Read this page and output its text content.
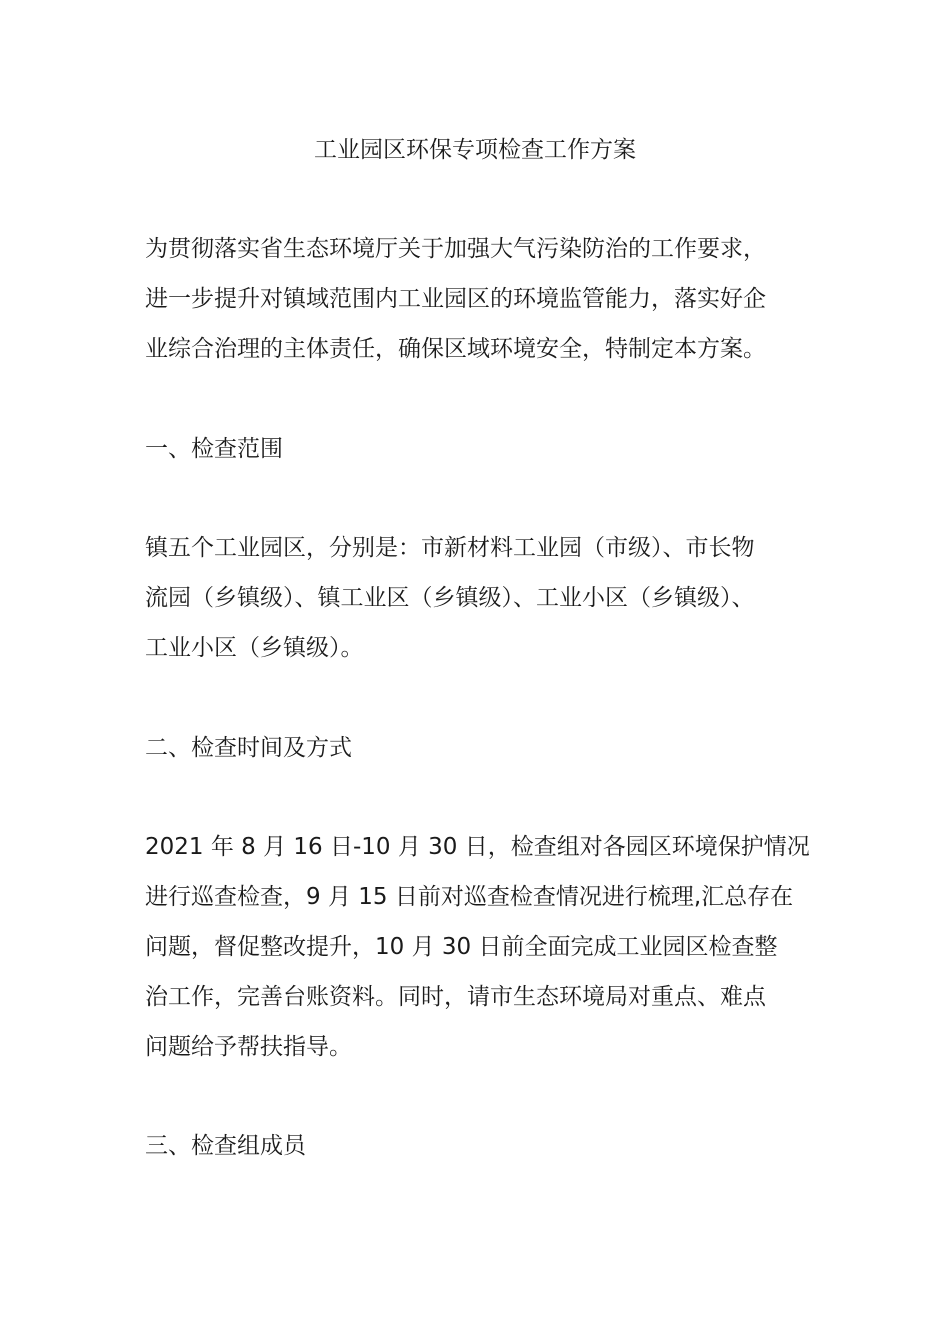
工业园区环保专项检查工作方案
为贯彻落实省生态环境厅关于加强大气污染防治的工作要求，
进一步提升对镇域范围内工业园区的环境监管能力，落实好企
业综合治理的主体责任，确保区域环境安全，特制定本方案。
一、检查范围
镇五个工业园区，分别是：市新材料工业园（市级）、市长物
流园（乡镇级）、镇工业区（乡镇级）、工业小区（乡镇级）、
工业小区（乡镇级）。
二、检查时间及方式
2021 年 8 月 16 日-10 月 30 日，检查组对各园区环境保护情况
进行巡查检查，9 月 15 日前对巡查检查情况进行梳理,汇总存在
问题，督促整改提升，10 月 30 日前全面完成工业园区检查整
治工作，完善台账资料。同时，请市生态环境局对重点、难点
问题给予帮扶指导。
三、检查组成员
